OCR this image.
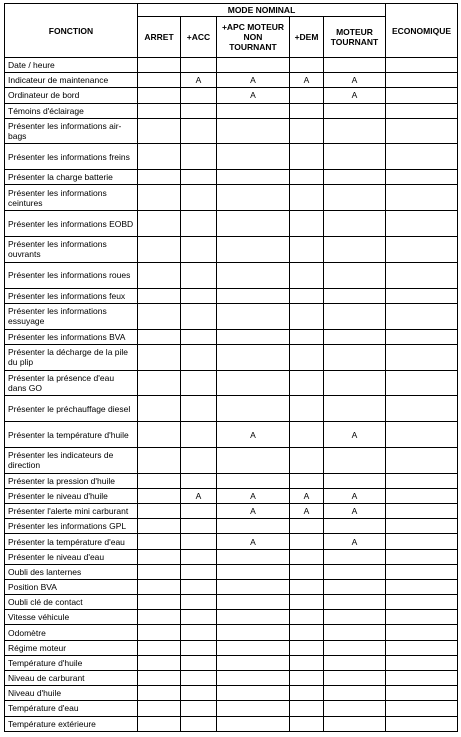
FONCTION	MODE NOMINAL					ECONOMIQUE
	ARRET	+ACC	+APC MOTEUR NON TOURNANT	+DEM	MOTEUR TOURNANT	
Date / heure						
Indicateur de maintenance		A	A	A	A	
Ordinateur de bord			A		A	
Témoins d'éclairage						
Présenter les informations air-bags						
Présenter les informations freins						
Présenter la charge batterie						
Présenter les informations ceintures						
Présenter les informations EOBD						
Présenter les informations ouvrants						
Présenter les informations roues						
Présenter les informations feux						
Présenter les informations essuyage						
Présenter les informations BVA						
Présenter la décharge de la pile du plip						
Présenter la présence d'eau dans GO						
Présenter le préchauffage diesel						
Présenter la température d'huile			A		A	
Présenter les indicateurs de direction						
Présenter la pression d'huile						
Présenter le niveau d'huile		A	A	A	A	
Présenter l'alerte mini carburant			A	A	A	
Présenter les informations GPL						
Présenter la température d'eau			A		A	
Présenter le niveau d'eau						
Oubli des lanternes						
Position BVA						
Oubli clé de contact						
Vitesse véhicule						
Odomètre						
Régime moteur						
Température d'huile						
Niveau de carburant						
Niveau d'huile						
Température d'eau						
Température extérieure						
